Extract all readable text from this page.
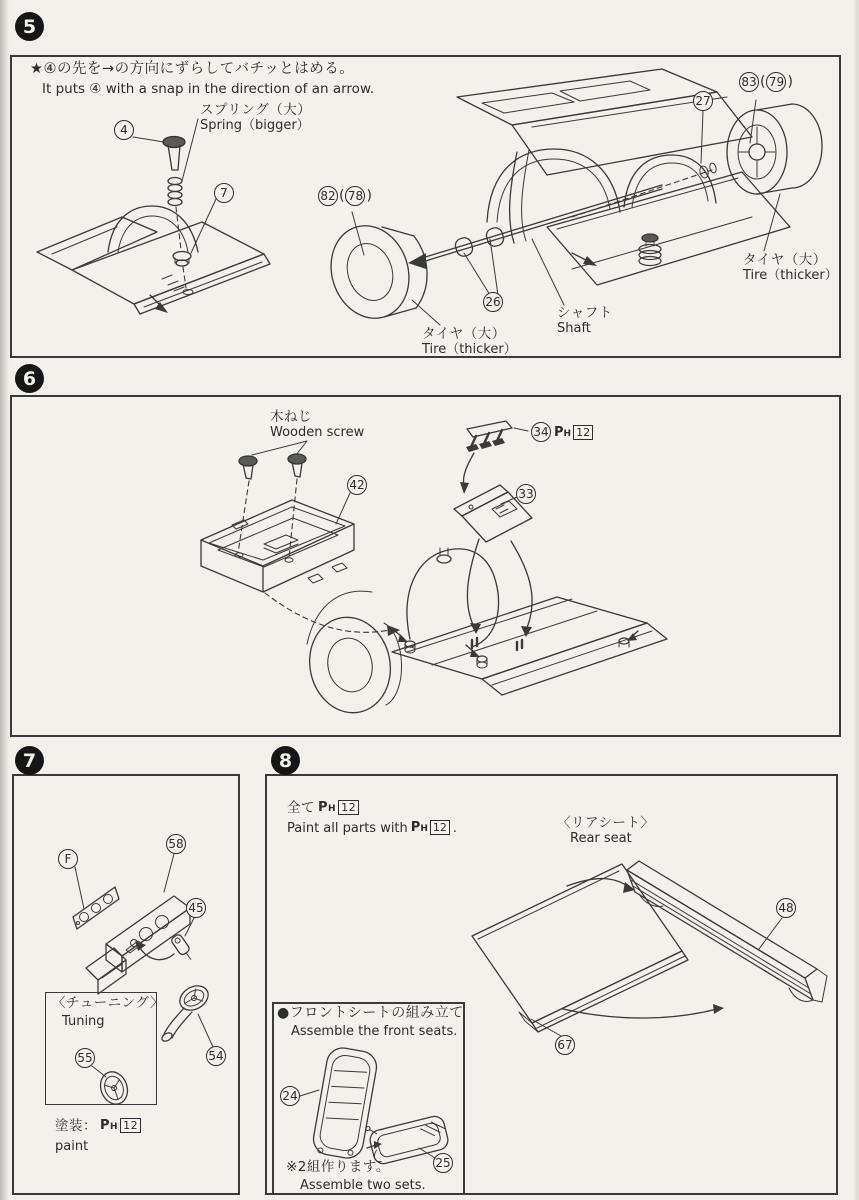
5
★④の先を→の方向にずらしてバチッとはめる。
It puts ④ with a snap in the direction of an arrow.
4
スプリング（大）
Spring（bigger）
7	82 ( 78 )
26
シャフト
Shaft
タイヤ（大）
Tire（thicker）
27
83 ( 79 )
タイヤ（大）
Tire（thicker）
6
木ねじ
Wooden screw
42
34 P H 12
33
7
F
58
45
54
〈チューニング〉
Tuning
55
塗装： P H 12
paint
8
全て P H 12
Paint all parts with P H 12 .	〈リアシート〉
Rear seat
48
67
●フロントシートの組み立て
Assemble the front seats.
24
25
※2組作ります。
Assemble two sets.
